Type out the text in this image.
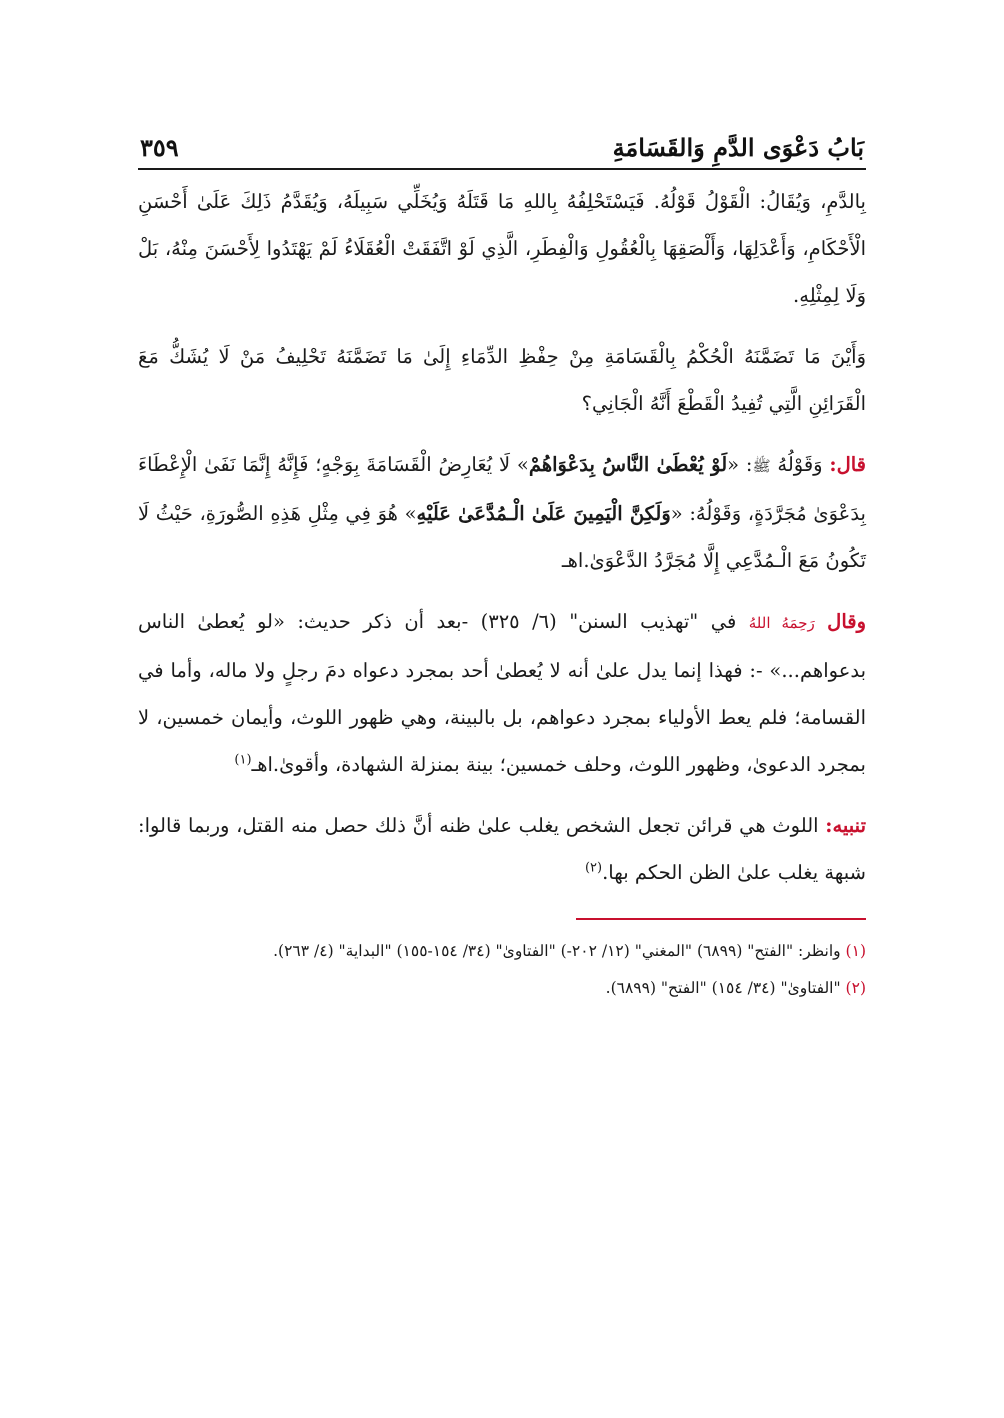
بَابُ دَعْوَى الدَّمِ وَالقَسَامَةِ
٣٥٩

بِالدَّمِ، وَيُقَالُ: الْقَوْلُ قَوْلُهُ. فَيَسْتَحْلِفُهُ بِاللهِ مَا قَتَلَهُ وَيُخَلِّي سَبِيلَهُ، وَيُقَدَّمُ ذَلِكَ عَلَىٰ أَحْسَنِ الْأَحْكَامِ، وَأَعْدَلِهَا، وَأَلْصَقِهَا بِالْعُقُولِ وَالْفِطَرِ، الَّذِي لَوْ اتَّفَقَتْ الْعُقَلَاءُ لَمْ يَهْتَدُوا لِأَحْسَنَ مِنْهُ، بَلْ وَلَا لِمِثْلِهِ.

وَأَيْنَ مَا تَضَمَّنَهُ الْحُكْمُ بِالْقَسَامَةِ مِنْ حِفْظِ الدِّمَاءِ إِلَىٰ مَا تَضَمَّنَهُ تَحْلِيفُ مَنْ لَا يُشَكُّ مَعَ الْقَرَائِنِ الَّتِي تُفِيدُ الْقَطْعَ أَنَّهُ الْجَانِي؟

قال: وَقَوْلُهُ ﷺ: «لَوْ يُعْطَىٰ النَّاسُ بِدَعْوَاهُمْ» لَا يُعَارِضُ الْقَسَامَةَ بِوَجْهٍ؛ فَإِنَّهُ إِنَّمَا نَفَىٰ الْإِعْطَاءَ بِدَعْوَىٰ مُجَرَّدَةٍ، وَقَوْلُهُ: «وَلَكِنَّ الْيَمِينَ عَلَىٰ الْـمُدَّعَىٰ عَلَيْهِ» هُوَ فِي مِثْلِ هَذِهِ الصُّورَةِ، حَيْثُ لَا تَكُونُ مَعَ الْـمُدَّعِي إِلَّا مُجَرَّدُ الدَّعْوَىٰ.اهـ

وقال رَحِمَهُ اللهُ في "تهذيب السنن" (٦/ ٣٢٥) -بعد أن ذكر حديث: «لو يُعطىٰ الناس بدعواهم...» -: فهذا إنما يدل علىٰ أنه لا يُعطىٰ أحد بمجرد دعواه دمَ رجلٍ ولا ماله، وأما في القسامة؛ فلم يعط الأولياء بمجرد دعواهم، بل بالبينة، وهي ظهور اللوث، وأيمان خمسين، لا بمجرد الدعوىٰ، وظهور اللوث، وحلف خمسين؛ بينة بمنزلة الشهادة، وأقوىٰ.اهـ$^{(١)}$

تنبيه: اللوث هي قرائن تجعل الشخص يغلب علىٰ ظنه أنَّ ذلك حصل منه القتل، وربما قالوا: شبهة يغلب علىٰ الظن الحكم بها.$^{(٢)}$

(١) وانظر: "الفتح" (٦٨٩٩) "المغني" (١٢/ ٢٠٢-) "الفتاوىٰ" (٣٤/ ١٥٤-١٥٥) "البداية" (٤/ ٢٦٣).

(٢) "الفتاوىٰ" (٣٤/ ١٥٤) "الفتح" (٦٨٩٩).
